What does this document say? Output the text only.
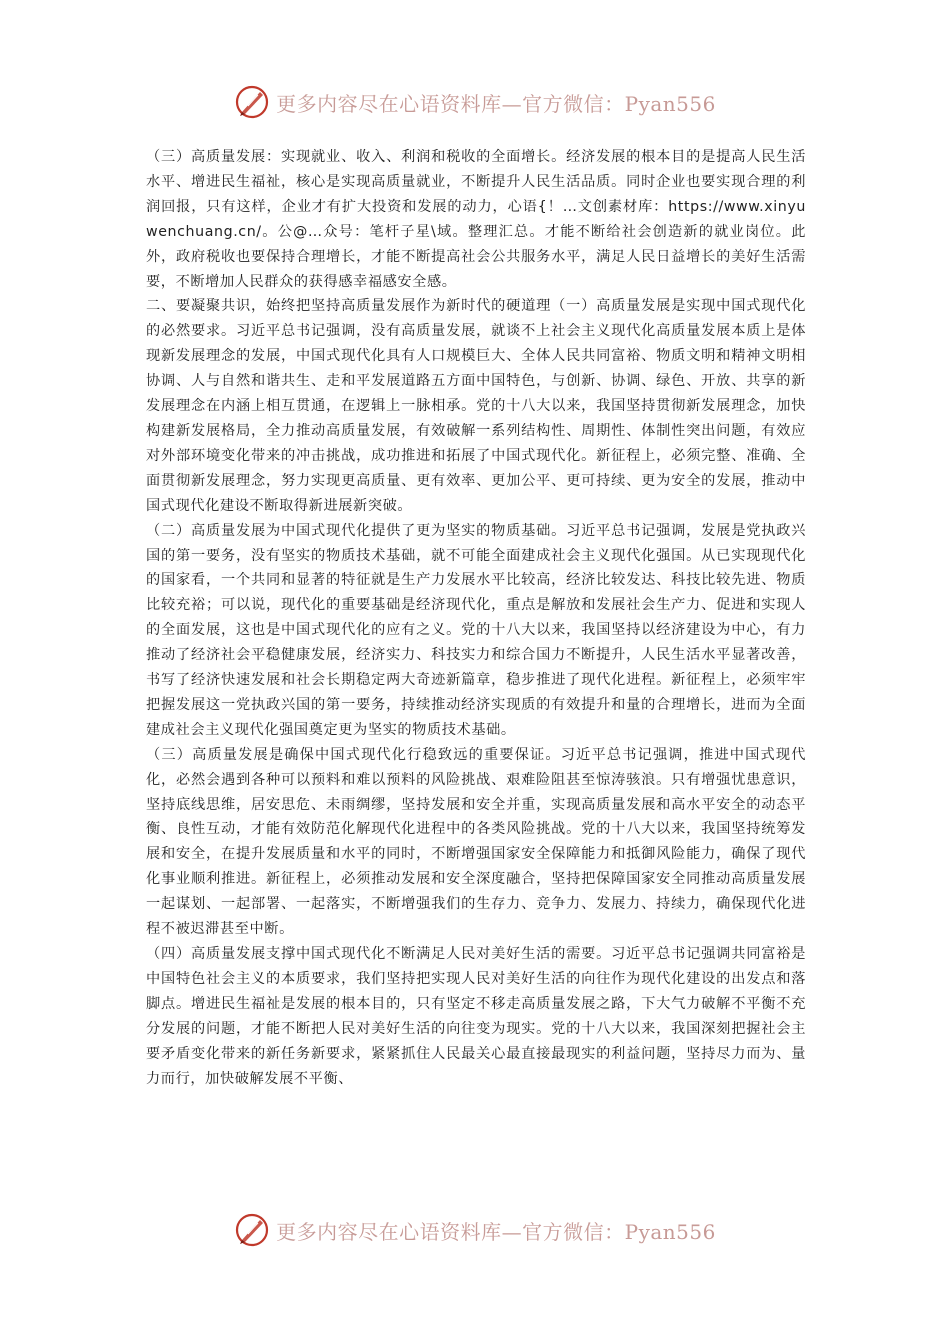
更多内容尽在心语资料库—官方微信：Pyan556

（三）高质量发展：实现就业、收入、利润和税收的全面增长。经济发展的根本目的是提高人民生活水平、增进民生福祉，核心是实现高质量就业，不断提升人民生活品质。同时企业也要实现合理的利润回报，只有这样，企业才有扩大投资和发展的动力，心语{！…文创素材库：https://www.xinyuwenchuang.cn/。公@…众号：笔杆子星\域。整理汇总。才能不断给社会创造新的就业岗位。此外，政府税收也要保持合理增长，才能不断提高社会公共服务水平，满足人民日益增长的美好生活需要，不断增加人民群众的获得感幸福感安全感。

二、要凝聚共识，始终把坚持高质量发展作为新时代的硬道理（一）高质量发展是实现中国式现代化的必然要求。习近平总书记强调，没有高质量发展，就谈不上社会主义现代化高质量发展本质上是体现新发展理念的发展，中国式现代化具有人口规模巨大、全体人民共同富裕、物质文明和精神文明相协调、人与自然和谐共生、走和平发展道路五方面中国特色，与创新、协调、绿色、开放、共享的新发展理念在内涵上相互贯通，在逻辑上一脉相承。党的十八大以来，我国坚持贯彻新发展理念，加快构建新发展格局，全力推动高质量发展，有效破解一系列结构性、周期性、体制性突出问题，有效应对外部环境变化带来的冲击挑战，成功推进和拓展了中国式现代化。新征程上，必须完整、准确、全面贯彻新发展理念，努力实现更高质量、更有效率、更加公平、更可持续、更为安全的发展，推动中国式现代化建设不断取得新进展新突破。

（二）高质量发展为中国式现代化提供了更为坚实的物质基础。习近平总书记强调，发展是党执政兴国的第一要务，没有坚实的物质技术基础，就不可能全面建成社会主义现代化强国。从已实现现代化的国家看，一个共同和显著的特征就是生产力发展水平比较高，经济比较发达、科技比较先进、物质比较充裕；可以说，现代化的重要基础是经济现代化，重点是解放和发展社会生产力、促进和实现人的全面发展，这也是中国式现代化的应有之义。党的十八大以来，我国坚持以经济建设为中心，有力推动了经济社会平稳健康发展，经济实力、科技实力和综合国力不断提升，人民生活水平显著改善，书写了经济快速发展和社会长期稳定两大奇迹新篇章，稳步推进了现代化进程。新征程上，必须牢牢把握发展这一党执政兴国的第一要务，持续推动经济实现质的有效提升和量的合理增长，进而为全面建成社会主义现代化强国奠定更为坚实的物质技术基础。

（三）高质量发展是确保中国式现代化行稳致远的重要保证。习近平总书记强调，推进中国式现代化，必然会遇到各种可以预料和难以预料的风险挑战、艰难险阻甚至惊涛骇浪。只有增强忧患意识，坚持底线思维，居安思危、未雨绸缪，坚持发展和安全并重，实现高质量发展和高水平安全的动态平衡、良性互动，才能有效防范化解现代化进程中的各类风险挑战。党的十八大以来，我国坚持统筹发展和安全，在提升发展质量和水平的同时，不断增强国家安全保障能力和抵御风险能力，确保了现代化事业顺利推进。新征程上，必须推动发展和安全深度融合，坚持把保障国家安全同推动高质量发展一起谋划、一起部署、一起落实，不断增强我们的生存力、竞争力、发展力、持续力，确保现代化进程不被迟滞甚至中断。

（四）高质量发展支撑中国式现代化不断满足人民对美好生活的需要。习近平总书记强调共同富裕是中国特色社会主义的本质要求，我们坚持把实现人民对美好生活的向往作为现代化建设的出发点和落脚点。增进民生福祉是发展的根本目的，只有坚定不移走高质量发展之路，下大气力破解不平衡不充分发展的问题，才能不断把人民对美好生活的向往变为现实。党的十八大以来，我国深刻把握社会主要矛盾变化带来的新任务新要求，紧紧抓住人民最关心最直接最现实的利益问题，坚持尽力而为、量力而行，加快破解发展不平衡、

更多内容尽在心语资料库—官方微信：Pyan556
